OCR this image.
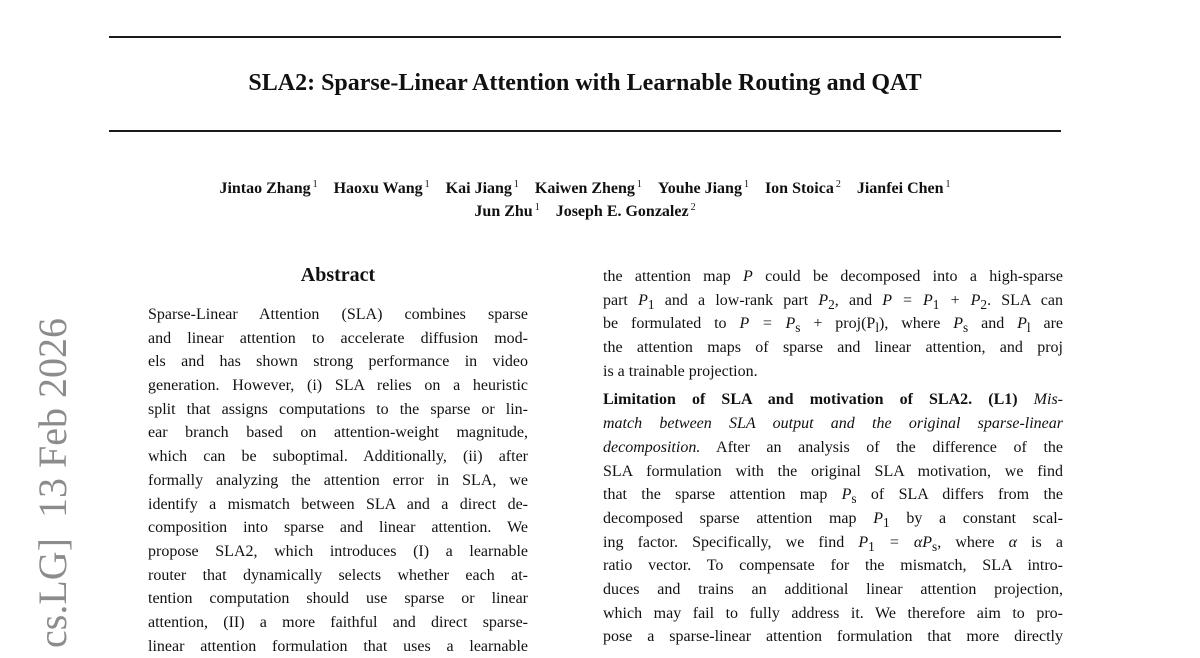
SLA2: Sparse-Linear Attention with Learnable Routing and QAT
Jintao Zhang $^1$ Haoxu Wang $^1$ Kai Jiang $^1$ Kaiwen Zheng $^1$ Youhe Jiang $^1$ Ion Stoica $^2$ Jianfei Chen $^1$
Jun Zhu $^1$ Joseph E. Gonzalez $^2$
cs.LG]  13 Feb 2026
Abstract
Sparse-Linear Attention (SLA) combines sparse
and linear attention to accelerate diffusion mod-
els and has shown strong performance in video
generation. However, (i) SLA relies on a heuristic
split that assigns computations to the sparse or lin-
ear branch based on attention-weight magnitude,
which can be suboptimal. Additionally, (ii) after
formally analyzing the attention error in SLA, we
identify a mismatch between SLA and a direct de-
composition into sparse and linear attention. We
propose SLA2, which introduces (I) a learnable
router that dynamically selects whether each at-
tention computation should use sparse or linear
attention, (II) a more faithful and direct sparse-
linear attention formulation that uses a learnable
the attention map P could be decomposed into a high-sparse
part $P_1$ and a low-rank part $P_2$, and $P = P_1 + P_2$. SLA can
be formulated to $P = P_s$ + $proj(P_l)$, where $P_s$ and $P_l$ are
the attention maps of sparse and linear attention, and proj
is a trainable projection.
Limitation of SLA and motivation of SLA2. (L1) Mis-
match between SLA output and the original sparse-linear
decomposition. After an analysis of the difference of the
SLA formulation with the original SLA motivation, we find
that the sparse attention map $P_s$ of SLA differs from the
decomposed sparse attention map $P_1$ by a constant scal-
ing factor. Specifically, we find $P_1 = \alpha P_s$, where α is a
ratio vector. To compensate for the mismatch, SLA intro-
duces and trains an additional linear attention projection,
which may fail to fully address it. We therefore aim to pro-
pose a sparse-linear attention formulation that more directly
